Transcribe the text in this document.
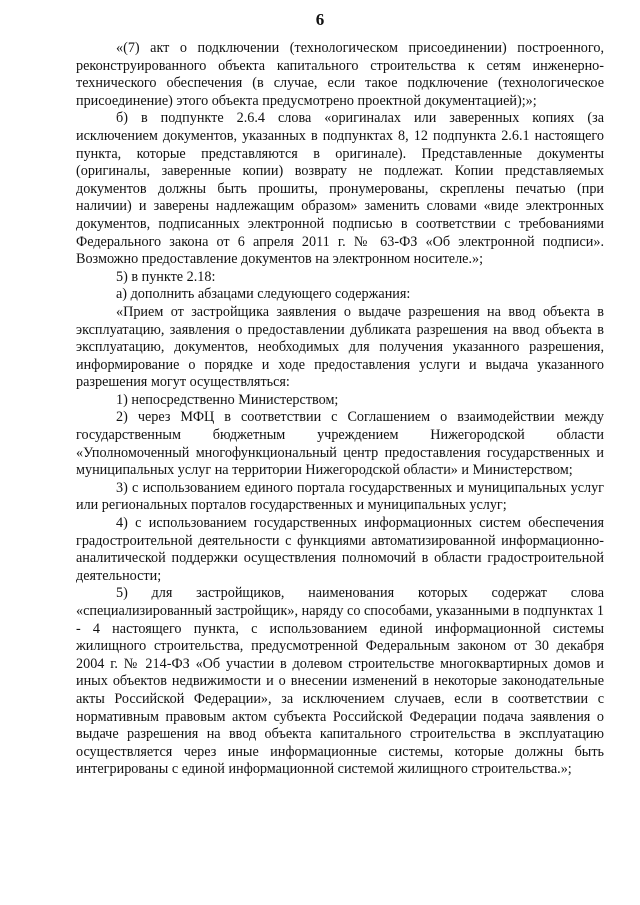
6

«(7) акт о подключении (технологическом присоединении) построенного, реконструированного объекта капитального строительства к сетям инженерно-технического обеспечения (в случае, если такое подключение (технологическое присоединение) этого объекта предусмотрено проектной документацией);»;

б) в подпункте 2.6.4 слова «оригиналах или заверенных копиях (за исключением документов, указанных в подпунктах 8, 12 подпункта 2.6.1 настоящего пункта, которые представляются в оригинале). Представленные документы (оригиналы, заверенные копии) возврату не подлежат. Копии представляемых документов должны быть прошиты, пронумерованы, скреплены печатью (при наличии) и заверены надлежащим образом» заменить словами «виде электронных документов, подписанных электронной подписью в соответствии с требованиями Федерального закона от 6 апреля 2011 г. № 63-ФЗ «Об электронной подписи». Возможно предоставление документов на электронном носителе.»;

5) в пункте 2.18:

а) дополнить абзацами следующего содержания:

«Прием от застройщика заявления о выдаче разрешения на ввод объекта в эксплуатацию, заявления о предоставлении дубликата разрешения на ввод объекта в эксплуатацию, документов, необходимых для получения указанного разрешения, информирование о порядке и ходе предоставления услуги и выдача указанного разрешения могут осуществляться:

1) непосредственно Министерством;

2) через МФЦ в соответствии с Соглашением о взаимодействии между государственным бюджетным учреждением Нижегородской области «Уполномоченный многофункциональный центр предоставления государственных и муниципальных услуг на территории Нижегородской области» и Министерством;

3) с использованием единого портала государственных и муниципальных услуг или региональных порталов государственных и муниципальных услуг;

4) с использованием государственных информационных систем обеспечения градостроительной деятельности с функциями автоматизированной информационно-аналитической поддержки осуществления полномочий в области градостроительной деятельности;

5) для застройщиков, наименования которых содержат слова «специализированный застройщик», наряду со способами, указанными в подпунктах 1 - 4 настоящего пункта, с использованием единой информационной системы жилищного строительства, предусмотренной Федеральным законом от 30 декабря 2004 г. № 214-ФЗ «Об участии в долевом строительстве многоквартирных домов и иных объектов недвижимости и о внесении изменений в некоторые законодательные акты Российской Федерации», за исключением случаев, если в соответствии с нормативным правовым актом субъекта Российской Федерации подача заявления о выдаче разрешения на ввод объекта капитального строительства в эксплуатацию осуществляется через иные информационные системы, которые должны быть интегрированы с единой информационной системой жилищного строительства.»;
